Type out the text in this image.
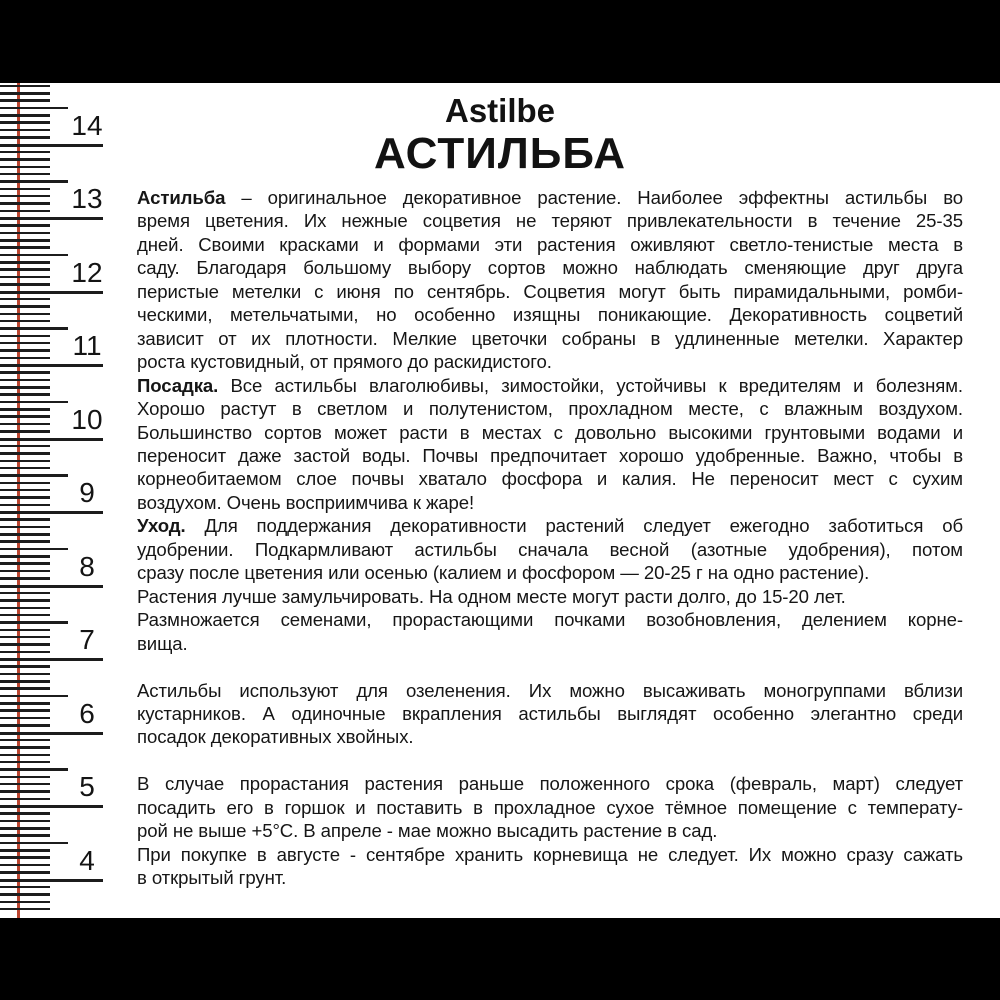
14
13
12
11
10
9
8
7
6
5
4
Astilbe
АСТИЛЬБА
Астильба – оригинальное декоративное растение. Наиболее эффектны астильбы во
время цветения. Их нежные соцветия не теряют привлекательности в течение 25-35
дней. Своими красками и формами эти растения оживляют светло-тенистые места в
саду. Благодаря большому выбору сортов можно наблюдать сменяющие друг друга
перистые метелки с июня по сентябрь. Соцветия могут быть пирамидальными, ромби-
ческими, метельчатыми, но особенно изящны поникающие. Декоративность соцветий
зависит от их плотности. Мелкие цветочки собраны в удлиненные метелки. Характер
роста кустовидный, от прямого до раскидистого.
Посадка. Все астильбы влаголюбивы, зимостойки, устойчивы к вредителям и болезням.
Хорошо растут в светлом и полутенистом, прохладном месте, с влажным воздухом.
Большинство сортов может расти в местах с довольно высокими грунтовыми водами и
переносит даже застой воды. Почвы предпочитает хорошо удобренные. Важно, чтобы в
корнеобитаемом слое почвы хватало фосфора и калия. Не переносит мест с сухим
воздухом. Очень восприимчива к жаре!
Уход. Для поддержания декоративности растений следует ежегодно заботиться об
удобрении. Подкармливают астильбы сначала весной (азотные удобрения), потом
сразу после цветения или осенью (калием и фосфором — 20-25 г на одно растение).
Растения лучше замульчировать. На одном месте могут расти долго, до 15-20 лет.
Размножается семенами, прорастающими почками возобновления, делением корне-
вища.
Астильбы используют для озеленения. Их можно высаживать моногруппами вблизи
кустарников. А одиночные вкрапления астильбы выглядят особенно элегантно среди
посадок декоративных хвойных.
В случае прорастания растения раньше положенного срока (февраль, март) следует
посадить его в горшок и поставить в прохладное сухое тёмное помещение с температу-
рой не выше +5°С. В апреле - мае можно высадить растение в сад.
При покупке в августе - сентябре хранить корневища не следует. Их можно сразу сажать
в открытый грунт.
